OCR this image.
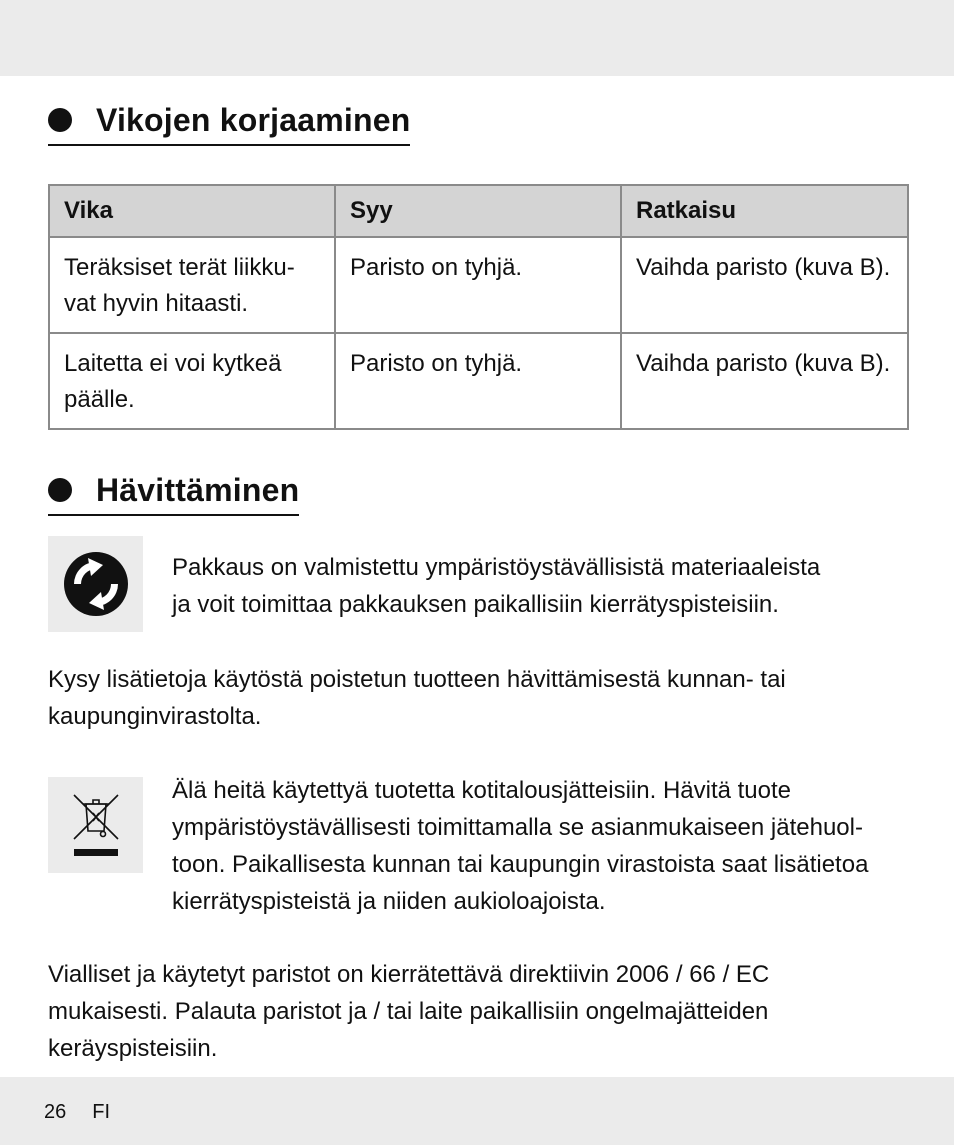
Vikojen korjaaminen
Vika	Syy	Ratkaisu

Teräksiset terät liikku-
vat hyvin hitaasti.	Paristo on tyhjä.	Vaihda paristo (kuva B).

Laitetta ei voi kytkeä
päälle.	Paristo on tyhjä.	Vaihda paristo (kuva B).
Hävittäminen

Pakkaus on valmistettu ympäristöystävällisistä materiaaleista
ja voit toimittaa pakkauksen paikallisiin kierrätyspisteisiin.

Kysy lisätietoja käytöstä poistetun tuotteen hävittämisestä kunnan- tai
kaupunginvirastolta.

Älä heitä käytettyä tuotetta kotitalousjätteisiin. Hävitä tuote
ympäristöystävällisesti toimittamalla se asianmukaiseen jätehuol-
toon. Paikallisesta kunnan tai kaupungin virastoista saat lisätietoa
kierrätyspisteistä ja niiden aukioloajoista.

Vialliset ja käytetyt paristot on kierrätettävä direktiivin 2006 / 66 / EC
mukaisesti. Palauta paristot ja / tai laite paikallisiin ongelmajätteiden
keräyspisteisiin.

26 FI
